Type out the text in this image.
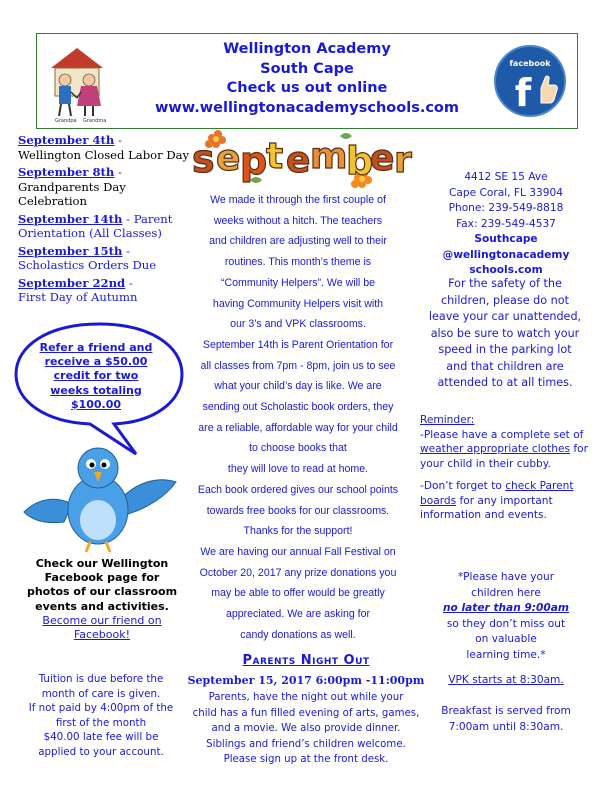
Grandpa Grandma
Wellington Academy
South Cape
Check us out online
www.wellingtonacademyschools.com
facebook
f
September 4th -
Wellington Closed Labor Day
September 8th -
Grandparents Day Celebration
September 14th - Parent
Orientation (All Classes)
September 15th -
Scholastics Orders Due
September 22nd -
First Day of Autumn
Refer a friend and
receive a $50.00
credit for two
weeks totaling
$100.00
Check our Wellington
Facebook page for
photos of our classroom
events and activities.
Become our friend on
Facebook!
Tuition is due before the
month of care is given.
If not paid by 4:00pm of the
first of the month
$40.00 late fee will be
applied to your account.
s e p
t e m
b
e r

We made it through the first couple of

weeks without a hitch. The teachers

and children are adjusting well to their

routines. This month’s theme is

“Community Helpers”. We will be

having Community Helpers visit with

our 3’s and VPK classrooms.

September 14th is Parent Orientation for

all classes from 7pm - 8pm, join us to see

what your child’s day is like. We are

sending out Scholastic book orders, they

are a reliable, affordable way for your child

to choose books that

they will love to read at home.

Each book ordered gives our school points

towards free books for our classrooms.

Thanks for the support!

We are having our annual Fall Festival on

October 20, 2017 any prize donations you

may be able to offer would be greatly

appreciated. We are asking for

candy donations as well.

Parents Night Out
September 15, 2017 6:00pm -11:00pm
Parents, have the night out while your
child has a fun filled evening of arts, games,
and a movie. We also provide dinner.
Siblings and friend’s children welcome.
Please sign up at the front desk.
4412 SE 15 Ave
Cape Coral, FL 33904
Phone: 239-549-8818
Fax: 239-549-4537
Southcape
@wellingtonacademy
schools.com
For the safety of the
children, please do not
leave your car unattended,
also be sure to watch your
speed in the parking lot
and that children are
attended to at all times.
Reminder:

-Please have a complete set of weather appropriate clothes for your child in their cubby.

-Don’t forget to check Parent boards for any important information and events.

*Please have your
children here
no later than 9:00am
so they don’t miss out
on valuable
learning time.*
VPK starts at 8:30am.
Breakfast is served from
7:00am until 8:30am.
